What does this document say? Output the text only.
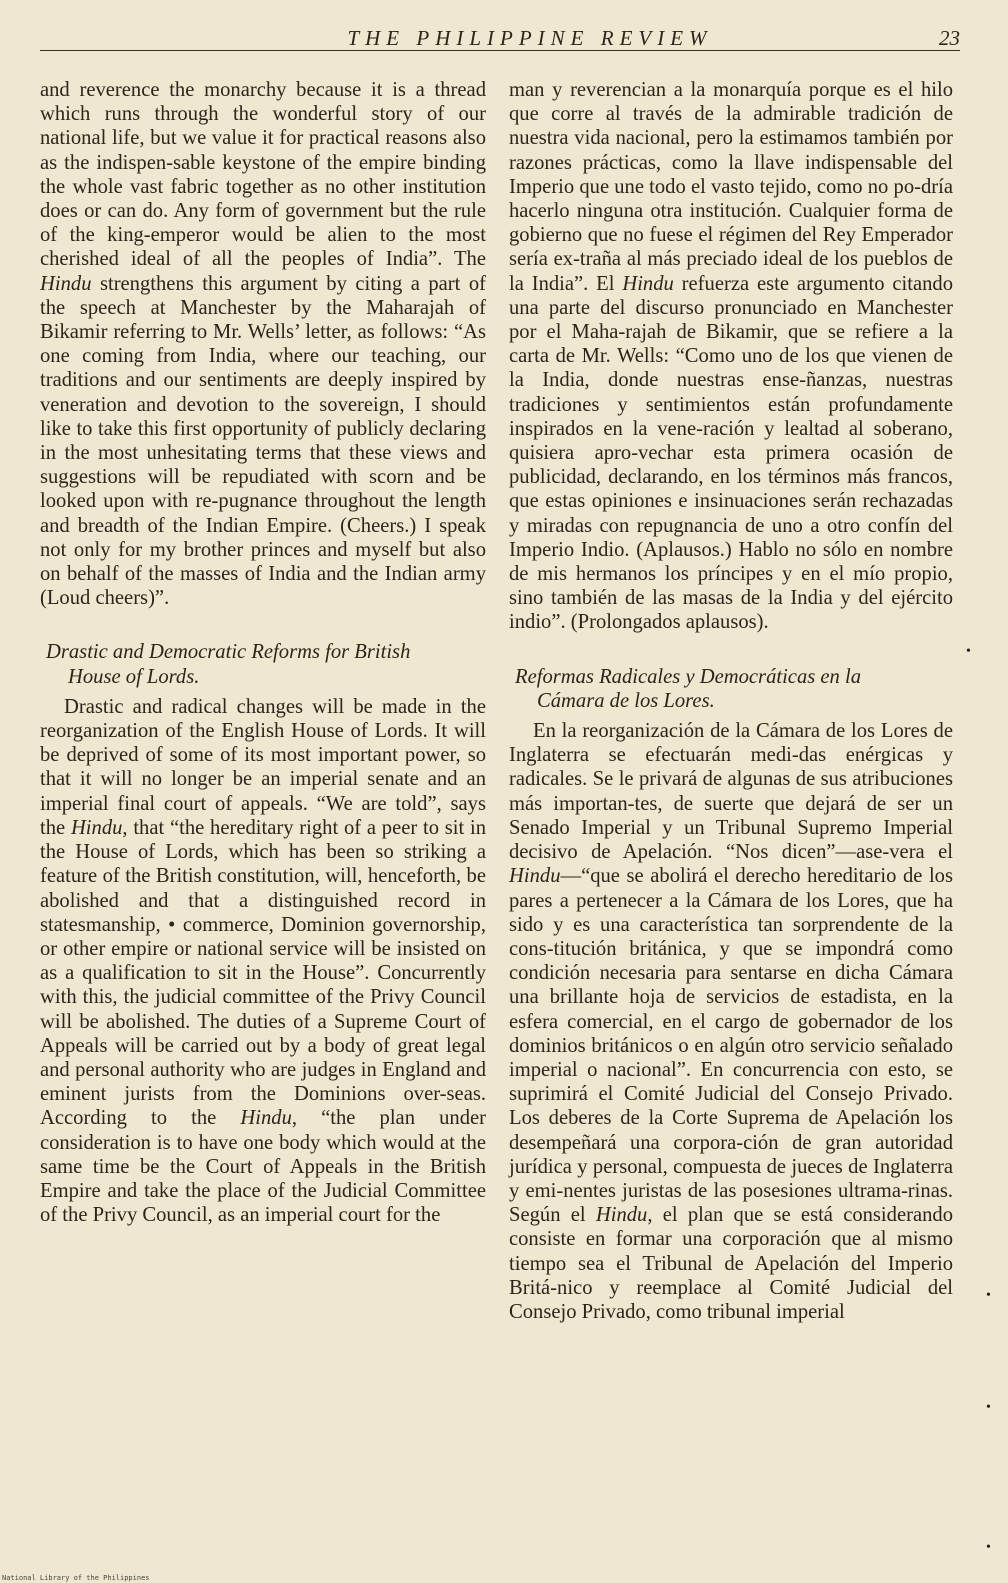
THE PHILIPPINE REVIEW	23

and reverence the monarchy because it is a thread which runs through the wonderful story of our national life, but we value it for practical reasons also as the indispen-sable keystone of the empire binding the whole vast fabric together as no other institution does or can do. Any form of government but the rule of the king-emperor would be alien to the most cherished ideal of all the peoples of India”. The Hindu strengthens this argument by citing a part of the speech at Manchester by the Maharajah of Bikamir referring to Mr. Wells’ letter, as follows: “As one coming from India, where our teaching, our traditions and our sentiments are deeply inspired by veneration and devotion to the sovereign, I should like to take this first opportunity of publicly declaring in the most unhesitating terms that these views and suggestions will be repudiated with scorn and be looked upon with re-pugnance throughout the length and breadth of the Indian Empire. (Cheers.) I speak not only for my brother princes and myself but also on behalf of the masses of India and the Indian army (Loud cheers)”.

Drastic and Democratic Reforms for British
House of Lords.

Drastic and radical changes will be made in the reorganization of the English House of Lords. It will be deprived of some of its most important power, so that it will no longer be an imperial senate and an imperial final court of appeals. “We are told”, says the Hindu, that “the hereditary right of a peer to sit in the House of Lords, which has been so striking a feature of the British constitution, will, henceforth, be abolished and that a distinguished record in statesmanship, • commerce, Dominion governorship, or other empire or national service will be insisted on as a qualification to sit in the House”. Concurrently with this, the judicial committee of the Privy Council will be abolished. The duties of a Supreme Court of Appeals will be carried out by a body of great legal and personal authority who are judges in England and eminent jurists from the Dominions over-seas. According to the Hindu, “the plan under consideration is to have one body which would at the same time be the Court of Appeals in the British Empire and take the place of the Judicial Committee of the Privy Council, as an imperial court for the

man y reverencian a la monarquía porque es el hilo que corre al través de la admirable tradición de nuestra vida nacional, pero la estimamos también por razones prácticas, como la llave indispensable del Imperio que une todo el vasto tejido, como no po-dría hacerlo ninguna otra institución. Cualquier forma de gobierno que no fuese el régimen del Rey Emperador sería ex-traña al más preciado ideal de los pueblos de la India”. El Hindu refuerza este argumento citando una parte del discurso pronunciado en Manchester por el Maha-rajah de Bikamir, que se refiere a la carta de Mr. Wells: “Como uno de los que vienen de la India, donde nuestras ense-ñanzas, nuestras tradiciones y sentimientos están profundamente inspirados en la vene-ración y lealtad al soberano, quisiera apro-vechar esta primera ocasión de publicidad, declarando, en los términos más francos, que estas opiniones e insinuaciones serán rechazadas y miradas con repugnancia de uno a otro confín del Imperio Indio. (Aplausos.) Hablo no sólo en nombre de mis hermanos los príncipes y en el mío propio, sino también de las masas de la India y del ejército indio”. (Prolongados aplausos).

Reformas Radicales y Democráticas en la
Cámara de los Lores.

En la reorganización de la Cámara de los Lores de Inglaterra se efectuarán medi-das enérgicas y radicales. Se le privará de algunas de sus atribuciones más importan-tes, de suerte que dejará de ser un Senado Imperial y un Tribunal Supremo Imperial decisivo de Apelación. “Nos dicen”—ase-vera el Hindu—“que se abolirá el derecho hereditario de los pares a pertenecer a la Cámara de los Lores, que ha sido y es una característica tan sorprendente de la cons-titución británica, y que se impondrá como condición necesaria para sentarse en dicha Cámara una brillante hoja de servicios de estadista, en la esfera comercial, en el cargo de gobernador de los dominios británicos o en algún otro servicio señalado imperial o nacional”. En concurrencia con esto, se suprimirá el Comité Judicial del Consejo Privado. Los deberes de la Corte Suprema de Apelación los desempeñará una corpora-ción de gran autoridad jurídica y personal, compuesta de jueces de Inglaterra y emi-nentes juristas de las posesiones ultrama-rinas. Según el Hindu, el plan que se está considerando consiste en formar una corporación que al mismo tiempo sea el Tribunal de Apelación del Imperio Britá-nico y reemplace al Comité Judicial del Consejo Privado, como tribunal imperial

•
•
•
•
National Library of the Philippines
